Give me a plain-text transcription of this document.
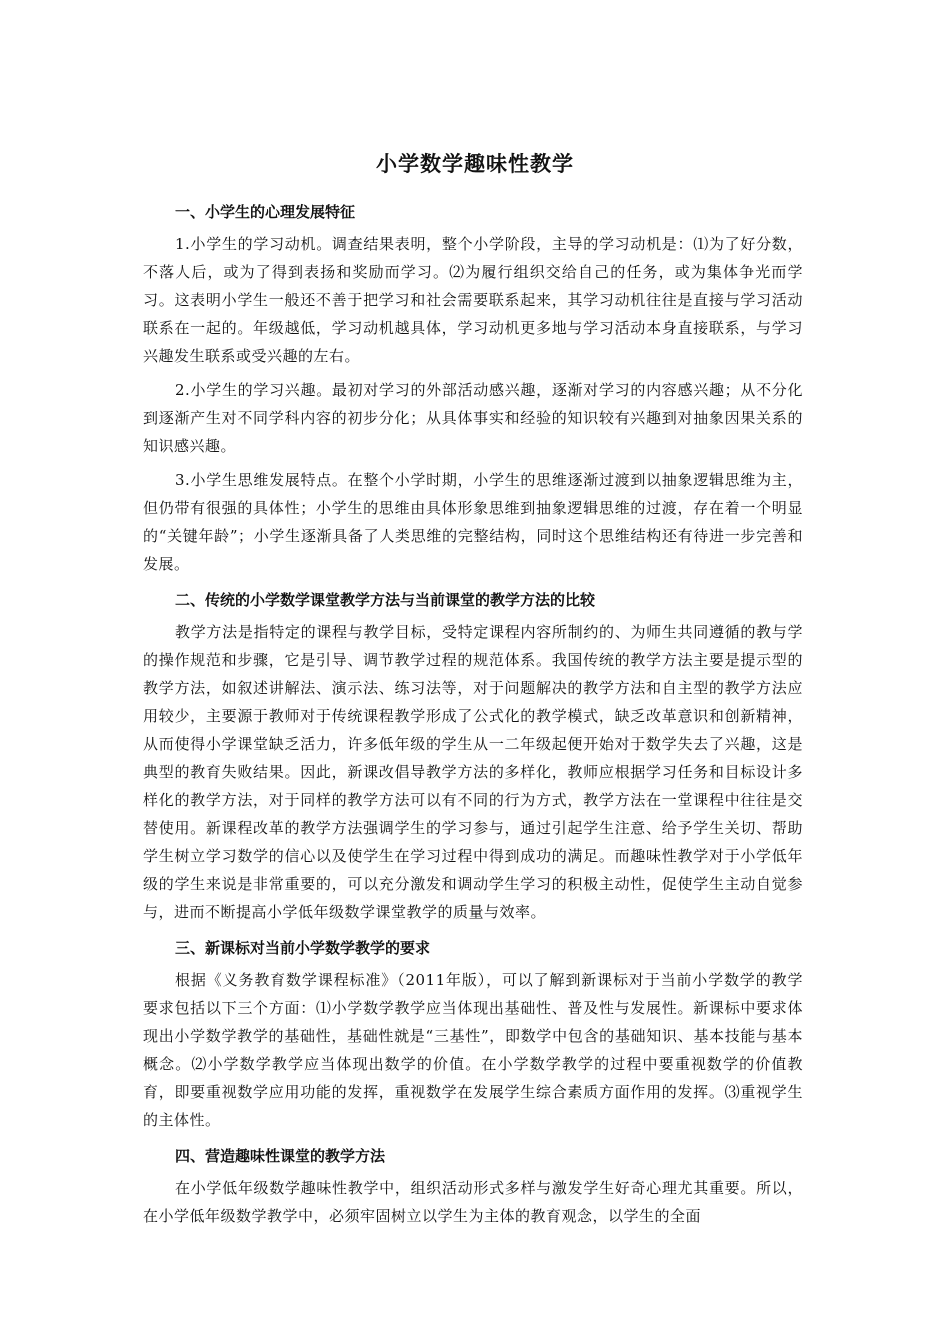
小学数学趣味性教学
一、小学生的心理发展特征

1.小学生的学习动机。调查结果表明，整个小学阶段，主导的学习动机是：⑴为了好分数，不落人后，或为了得到表扬和奖励而学习。⑵为履行组织交给自己的任务，或为集体争光而学习。这表明小学生一般还不善于把学习和社会需要联系起来，其学习动机往往是直接与学习活动联系在一起的。年级越低，学习动机越具体，学习动机更多地与学习活动本身直接联系，与学习兴趣发生联系或受兴趣的左右。

2.小学生的学习兴趣。最初对学习的外部活动感兴趣，逐渐对学习的内容感兴趣；从不分化到逐渐产生对不同学科内容的初步分化；从具体事实和经验的知识较有兴趣到对抽象因果关系的知识感兴趣。

3.小学生思维发展特点。在整个小学时期，小学生的思维逐渐过渡到以抽象逻辑思维为主，但仍带有很强的具体性；小学生的思维由具体形象思维到抽象逻辑思维的过渡，存在着一个明显的“关键年龄”；小学生逐渐具备了人类思维的完整结构，同时这个思维结构还有待进一步完善和发展。

二、传统的小学数学课堂教学方法与当前课堂的教学方法的比较

教学方法是指特定的课程与教学目标，受特定课程内容所制约的、为师生共同遵循的教与学的操作规范和步骤，它是引导、调节教学过程的规范体系。我国传统的教学方法主要是提示型的教学方法，如叙述讲解法、演示法、练习法等，对于问题解决的教学方法和自主型的教学方法应用较少，主要源于教师对于传统课程教学形成了公式化的教学模式，缺乏改革意识和创新精神，从而使得小学课堂缺乏活力，许多低年级的学生从一二年级起便开始对于数学失去了兴趣，这是典型的教育失败结果。因此，新课改倡导教学方法的多样化，教师应根据学习任务和目标设计多样化的教学方法，对于同样的教学方法可以有不同的行为方式，教学方法在一堂课程中往往是交替使用。新课程改革的教学方法强调学生的学习参与，通过引起学生注意、给予学生关切、帮助学生树立学习数学的信心以及使学生在学习过程中得到成功的满足。而趣味性教学对于小学低年级的学生来说是非常重要的，可以充分激发和调动学生学习的积极主动性，促使学生主动自觉参与，进而不断提高小学低年级数学课堂教学的质量与效率。

三、新课标对当前小学数学教学的要求

根据《义务教育数学课程标准》（2011年版），可以了解到新课标对于当前小学数学的教学要求包括以下三个方面：⑴小学数学教学应当体现出基础性、普及性与发展性。新课标中要求体现出小学数学教学的基础性，基础性就是“三基性”，即数学中包含的基础知识、基本技能与基本概念。⑵小学数学教学应当体现出数学的价值。在小学数学教学的过程中要重视数学的价值教育，即要重视数学应用功能的发挥，重视数学在发展学生综合素质方面作用的发挥。⑶重视学生的主体性。

四、营造趣味性课堂的教学方法

在小学低年级数学趣味性教学中，组织活动形式多样与激发学生好奇心理尤其重要。所以，在小学低年级数学教学中，必须牢固树立以学生为主体的教育观念，以学生的全面
